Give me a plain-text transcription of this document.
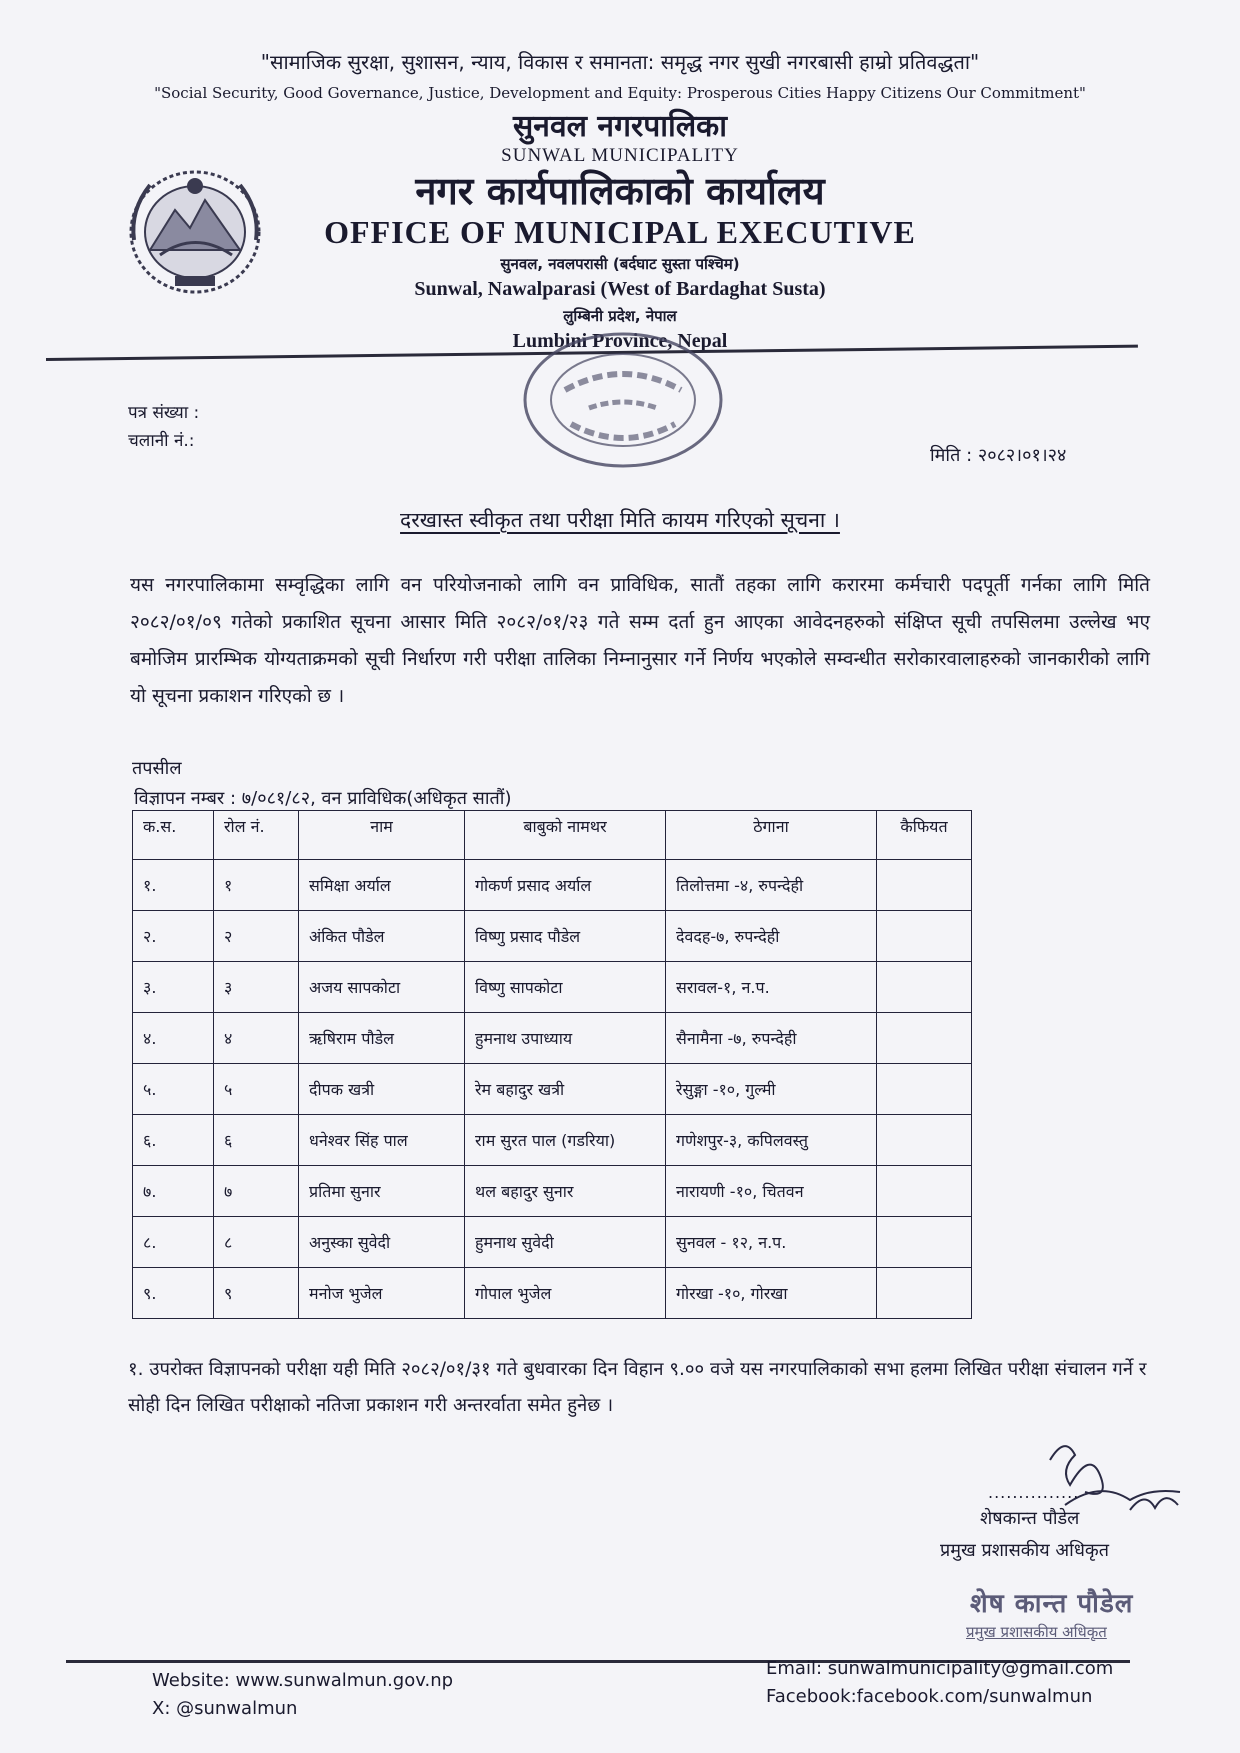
"सामाजिक सुरक्षा, सुशासन, न्याय, विकास र समानता: समृद्ध नगर सुखी नगरबासी हाम्रो प्रतिवद्धता"
"Social Security, Good Governance, Justice, Development and Equity: Prosperous Cities Happy Citizens Our Commitment"
सुनवल नगरपालिका
SUNWAL MUNICIPALITY
नगर कार्यपालिकाको कार्यालय
OFFICE OF MUNICIPAL EXECUTIVE
सुनवल, नवलपरासी (बर्दघाट सुस्ता पश्चिम)
Sunwal, Nawalparasi (West of Bardaghat Susta)
लुम्बिनी प्रदेश, नेपाल
Lumbini Province, Nepal
पत्र संख्या :
चलानी नं.:
मिति : २०८२।०१।२४
दरखास्त स्वीकृत तथा परीक्षा मिति कायम गरिएको सूचना ।
यस नगरपालिकामा सम्वृद्धिका लागि वन परियोजनाको लागि वन प्राविधिक, सातौं तहका लागि करारमा कर्मचारी पदपूर्ती गर्नका लागि मिति २०८२/०१/०९ गतेको प्रकाशित सूचना आसार मिति २०८२/०१/२३ गते सम्म दर्ता हुन आएका आवेदनहरुको संक्षिप्त सूची तपसिलमा उल्लेख भए बमोजिम प्रारम्भिक योग्यताक्रमको सूची निर्धारण गरी परीक्षा तालिका निम्नानुसार गर्ने निर्णय भएकोले सम्वन्धीत सरोकारवालाहरुको जानकारीको लागि यो सूचना प्रकाशन गरिएको छ ।
तपसील
विज्ञापन नम्बर : ७/०८१/८२, वन प्राविधिक(अधिकृत सातौं)
क.स.	रोल नं.	नाम	बाबुको नामथर	ठेगाना	कैफियत
१.	१	समिक्षा अर्याल	गोकर्ण प्रसाद अर्याल	तिलोत्तमा -४, रुपन्देही	
२.	२	अंकित पौडेल	विष्णु प्रसाद पौडेल	देवदह-७, रुपन्देही	
३.	३	अजय सापकोटा	विष्णु सापकोटा	सरावल-१, न.प.	
४.	४	ऋषिराम पौडेल	हुमनाथ उपाध्याय	सैनामैना -७, रुपन्देही	
५.	५	दीपक खत्री	रेम बहादुर खत्री	रेसुङ्गा -१०, गुल्मी	
६.	६	धनेश्वर सिंह पाल	राम सुरत पाल (गडरिया)	गणेशपुर-३, कपिलवस्तु	
७.	७	प्रतिमा सुनार	थल बहादुर सुनार	नारायणी -१०, चितवन	
८.	८	अनुस्का सुवेदी	हुमनाथ सुवेदी	सुनवल - १२, न.प.	
९.	९	मनोज भुजेल	गोपाल भुजेल	गोरखा -१०, गोरखा	
१. उपरोक्त विज्ञापनको परीक्षा यही मिति २०८२/०१/३१ गते बुधवारका दिन विहान ९.०० वजे यस नगरपालिकाको सभा हलमा लिखित परीक्षा संचालन गर्ने र सोही दिन लिखित परीक्षाको नतिजा प्रकाशन गरी अन्तरर्वाता समेत हुनेछ ।
...............
शेषकान्त पौडेल
प्रमुख प्रशासकीय अधिकृत
शेष कान्त पौडेल
प्रमुख प्रशासकीय अधिकृत
Website: www.sunwalmun.gov.np
X: @sunwalmun
Email: sunwalmunicipality@gmail.com
Facebook:facebook.com/sunwalmun
